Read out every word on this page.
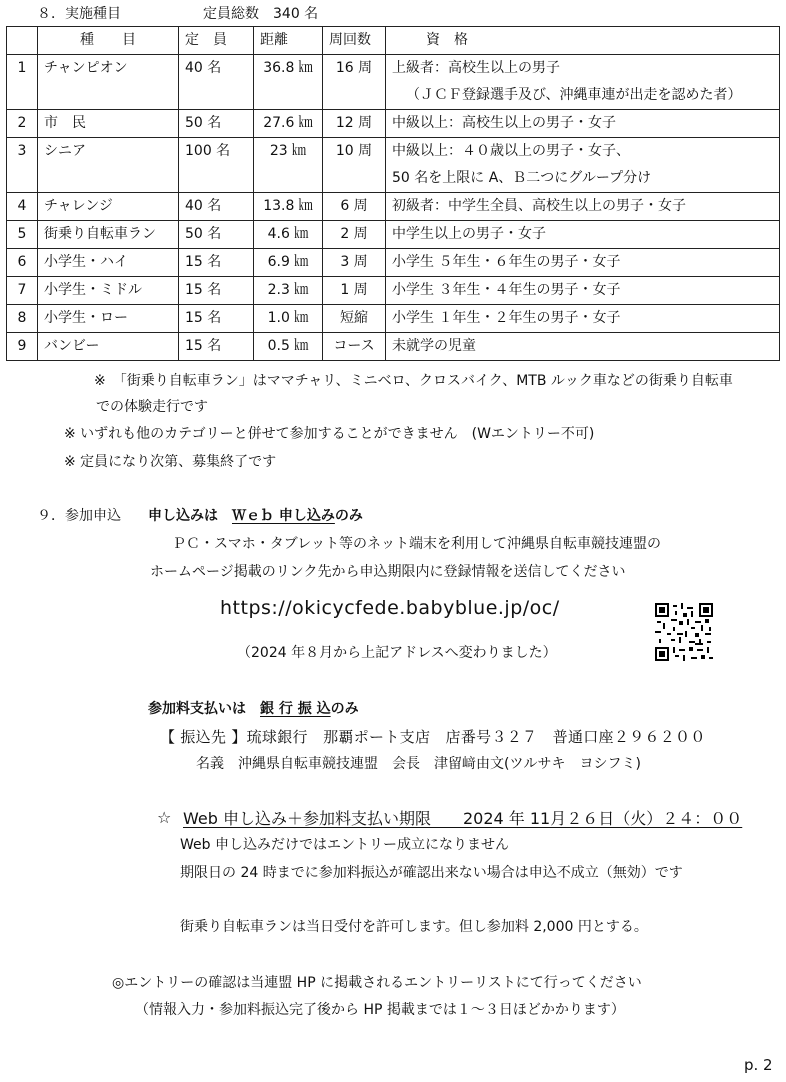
８．実施種目	定員総数　340 名
	種　　目	定　員	距離	周回数	資　格
1	チャンピオン	40 名	36.8 ㎞	16 周	上級者：高校生以上の男子
（ＪＣＦ登録選手及び、沖縄車連が出走を認めた者）

2	市　民	50 名	27.6 ㎞	12 周	中級以上：高校生以上の男子・女子
3	シニア	100 名	23 ㎞	10 周	中級以上：４０歳以上の男子・女子、
50 名を上限に A、Ｂ二つにグループ分け

4	チャレンジ	40 名	13.8 ㎞	6 周	初級者：中学生全員、高校生以上の男子・女子
5	街乗り自転車ラン	50 名	4.6 ㎞	2 周	中学生以上の男子・女子
6	小学生・ハイ	15 名	6.9 ㎞	3 周	小学生 ５年生・６年生の男子・女子
7	小学生・ミドル	15 名	2.3 ㎞	1 周	小学生 ３年生・４年生の男子・女子
8	小学生・ロー	15 名	1.0 ㎞	短縮	小学生 １年生・２年生の男子・女子
9	バンビー	15 名	0.5 ㎞	コース	未就学の児童
※　「街乗り自転車ラン」はママチャリ、ミニベロ、クロスバイク、MTB ルック車などの街乗り自転車
での体験走行です
※ いずれも他のカテゴリーと併せて参加することができません　(Wエントリー不可)
※ 定員になり次第、募集終了です
９．参加申込 申し込みは　 Ｗｅｂ 申し込みのみ
ＰＣ・スマホ・タブレット等のネット端末を利用して沖縄県自転車競技連盟の
ホームページ掲載のリンク先から申込期限内に登録情報を送信してください
https://okicycfede.babyblue.jp/oc/
（2024 年８月から上記アドレスへ変わりました）
参加料支払いは　 銀 行 振 込のみ
【 振込先 】琉球銀行　那覇ポート支店　店番号３２７　普通口座２９６２００
名義　沖縄県自転車競技連盟　会長　津留﨑由文(ツルサキ　ヨシフミ)
☆ Web 申し込み＋参加料支払い期限　　2024 年 11月２６日（火）２４：００
Web 申し込みだけではエントリー成立になりません
期限日の 24 時までに参加料振込が確認出来ない場合は申込不成立（無効）です
街乗り自転車ランは当日受付を許可します。但し参加料 2,000 円とする。
◎エントリーの確認は当連盟 HP に掲載されるエントリーリストにて行ってください
（情報入力・参加料振込完了後から HP 掲載までは１～３日ほどかかります）
p. 2
